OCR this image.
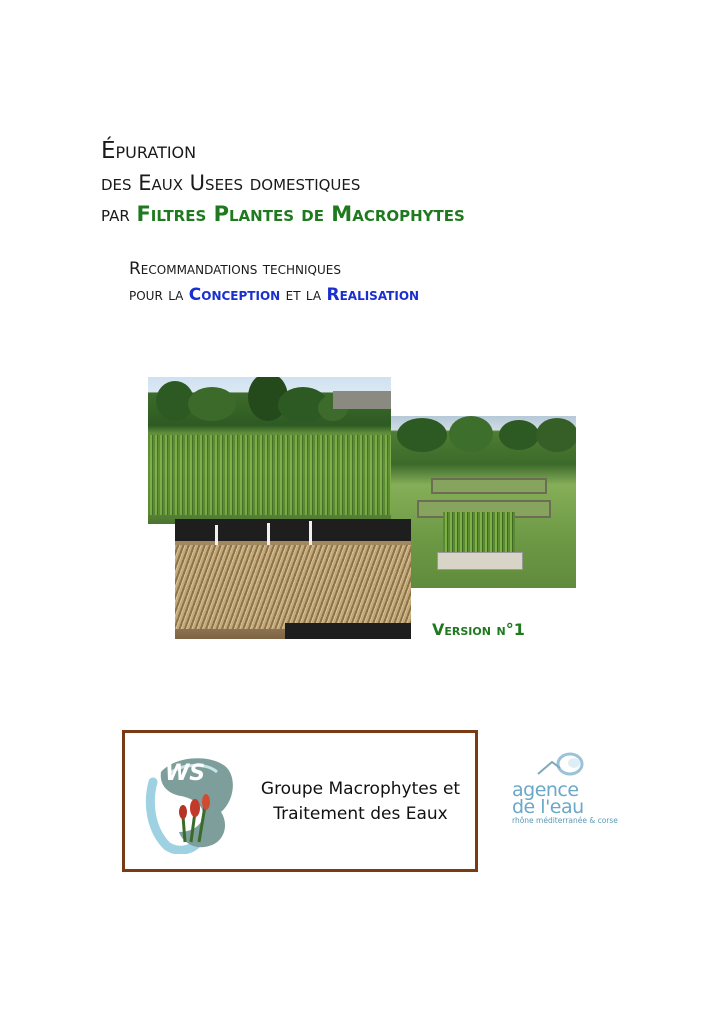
Épuration
des Eaux Usees domestiques
par Filtres Plantes de Macrophytes
Recommandations techniques
pour la Conception et la Realisation
Version n°1
WS
Groupe Macrophytes et
Traitement des Eaux
agence
de l'eau
rhône méditerranée & corse
